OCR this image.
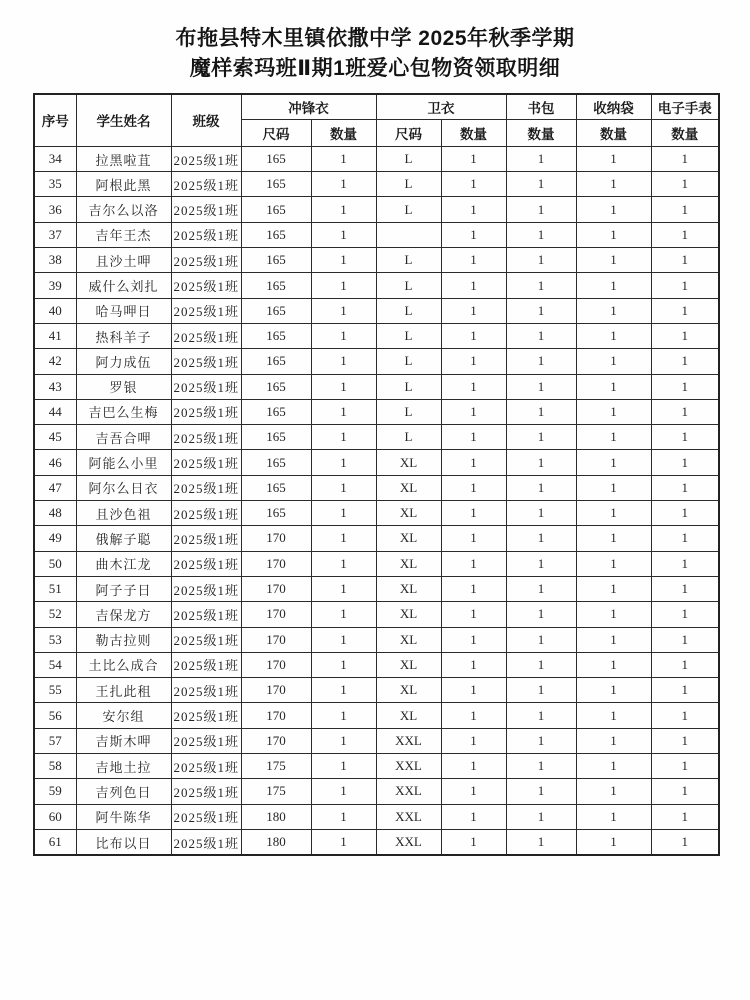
布拖县特木里镇依撒中学 2025年秋季学期
魔样索玛班Ⅱ期1班爱心包物资领取明细
序号	学生姓名	班级	冲锋衣		卫衣		书包	收纳袋	电子手表
			尺码	数量	尺码	数量	数量	数量	数量
34	拉黑啦苴	2025级1班	165	1	L	1	1	1	1
35	阿根此黑	2025级1班	165	1	L	1	1	1	1
36	吉尔么以洛	2025级1班	165	1	L	1	1	1	1
37	吉年王杰	2025级1班	165	1		1	1	1	1
38	且沙土呷	2025级1班	165	1	L	1	1	1	1
39	威什么刘扎	2025级1班	165	1	L	1	1	1	1
40	哈马呷日	2025级1班	165	1	L	1	1	1	1
41	热科羊子	2025级1班	165	1	L	1	1	1	1
42	阿力成伍	2025级1班	165	1	L	1	1	1	1
43	罗银	2025级1班	165	1	L	1	1	1	1
44	吉巴么生梅	2025级1班	165	1	L	1	1	1	1
45	吉吾合呷	2025级1班	165	1	L	1	1	1	1
46	阿能么小里	2025级1班	165	1	XL	1	1	1	1
47	阿尔么日衣	2025级1班	165	1	XL	1	1	1	1
48	且沙色祖	2025级1班	165	1	XL	1	1	1	1
49	俄解子聪	2025级1班	170	1	XL	1	1	1	1
50	曲木江龙	2025级1班	170	1	XL	1	1	1	1
51	阿子子日	2025级1班	170	1	XL	1	1	1	1
52	吉保龙方	2025级1班	170	1	XL	1	1	1	1
53	勒古拉则	2025级1班	170	1	XL	1	1	1	1
54	土比么成合	2025级1班	170	1	XL	1	1	1	1
55	王扎此租	2025级1班	170	1	XL	1	1	1	1
56	安尔组	2025级1班	170	1	XL	1	1	1	1
57	吉斯木呷	2025级1班	170	1	XXL	1	1	1	1
58	吉地土拉	2025级1班	175	1	XXL	1	1	1	1
59	吉列色日	2025级1班	175	1	XXL	1	1	1	1
60	阿牛陈华	2025级1班	180	1	XXL	1	1	1	1
61	比布以日	2025级1班	180	1	XXL	1	1	1	1
